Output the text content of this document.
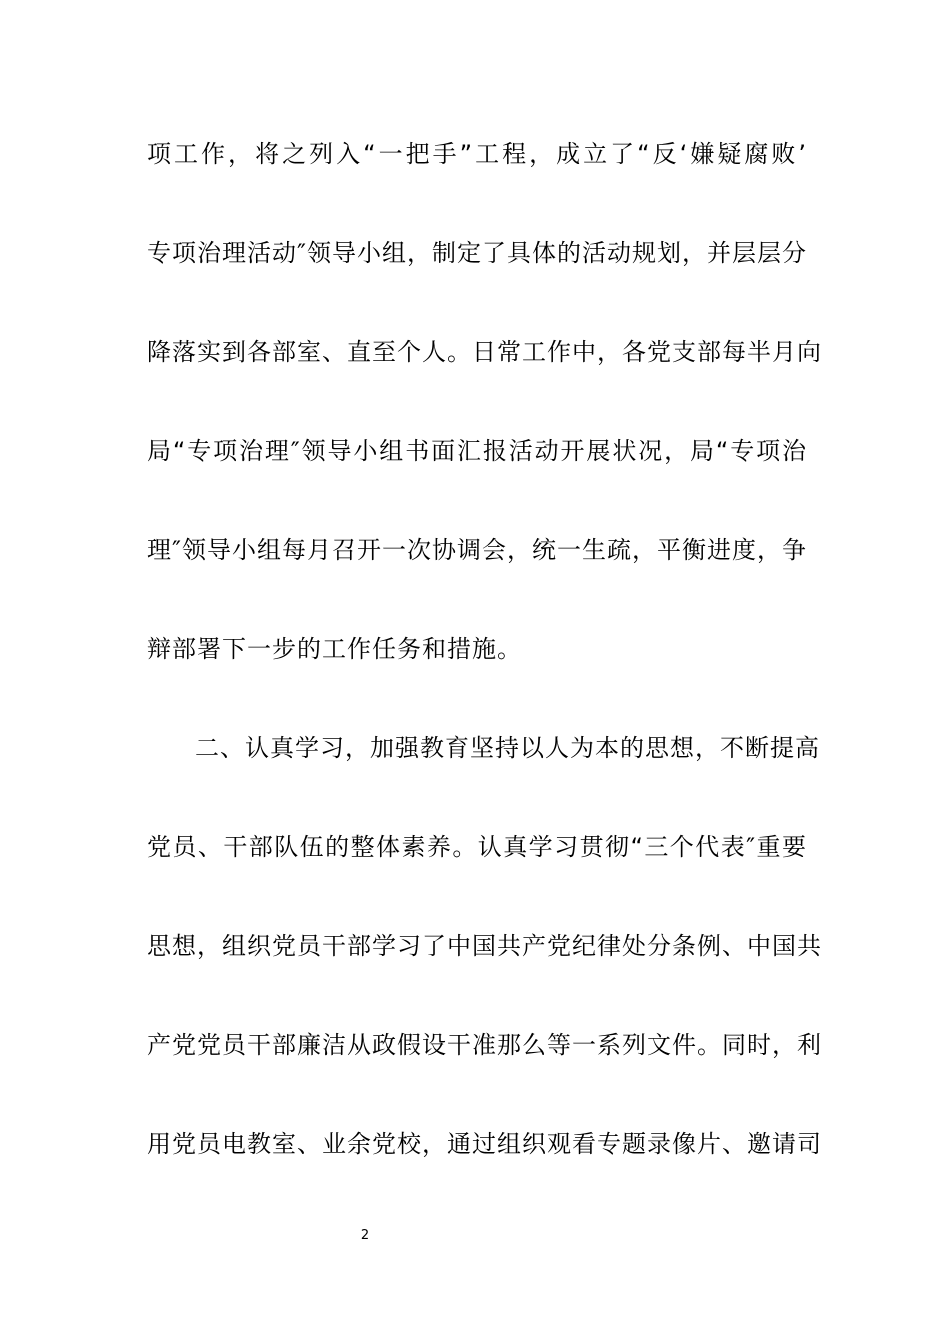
项工作，将之列入“一把手”工程，成立了“反‘嫌疑腐败’
专项治理活动″领导小组，制定了具体的活动规划，并层层分
降落实到各部室、直至个人。日常工作中，各党支部每半月向
局“专项治理″领导小组书面汇报活动开展状况，局“专项治
理″领导小组每月召开一次协调会，统一生疏，平衡进度，争
辩部署下一步的工作任务和措施。
二、认真学习，加强教育坚持以人为本的思想，不断提高
党员、干部队伍的整体素养。认真学习贯彻“三个代表″重要
思想，组织党员干部学习了中国共产党纪律处分条例、中国共
产党党员干部廉洁从政假设干准那么等一系列文件。同时，利
用党员电教室、业余党校，通过组织观看专题录像片、邀请司
2
